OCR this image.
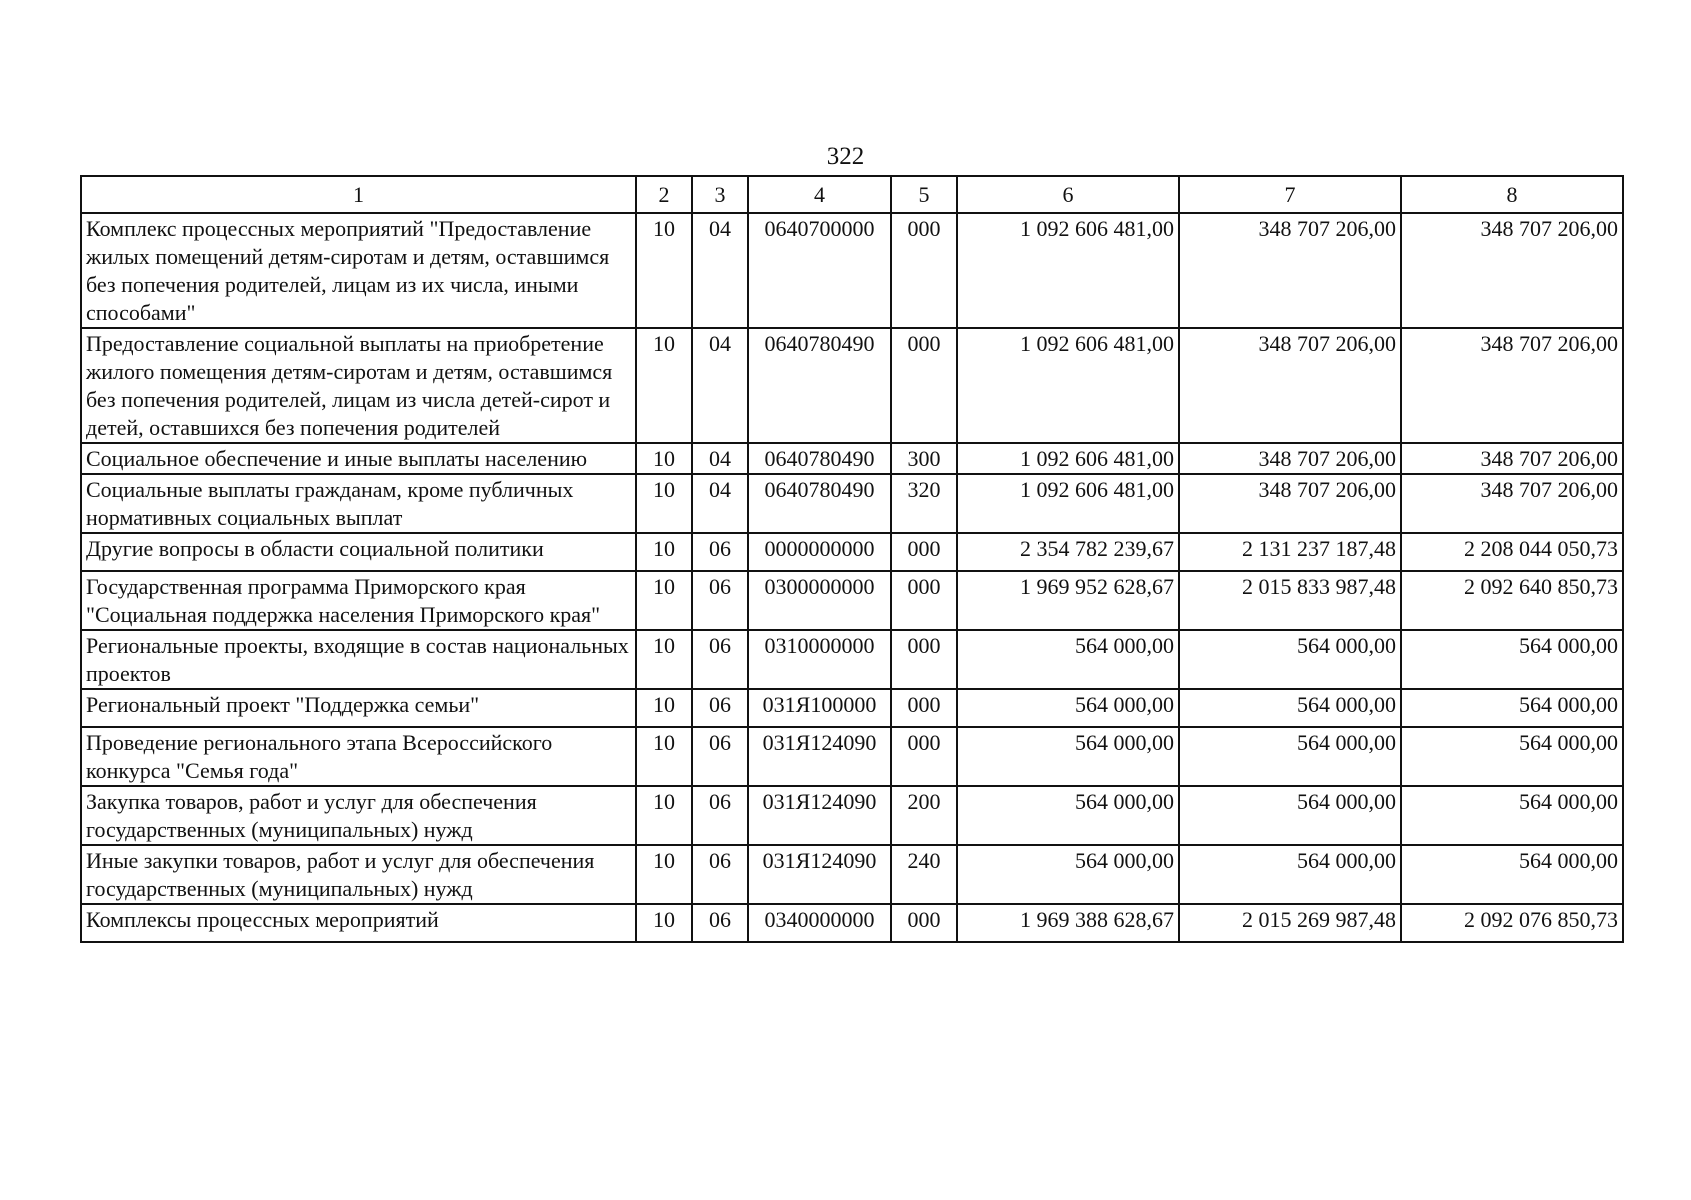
322
1	2	3	4	5	6	7	8
Комплекс процессных мероприятий "Предоставление жилых помещений детям-сиротам и детям, оставшимся без попечения родителей, лицам из их числа, иными способами"	10	04	0640700000	000	1 092 606 481,00	348 707 206,00	348 707 206,00
Предоставление социальной выплаты на приобретение жилого помещения детям-сиротам и детям, оставшимся без попечения родителей, лицам из числа детей-сирот и детей, оставшихся без попечения родителей	10	04	0640780490	000	1 092 606 481,00	348 707 206,00	348 707 206,00
Социальное обеспечение и иные выплаты населению	10	04	0640780490	300	1 092 606 481,00	348 707 206,00	348 707 206,00
Социальные выплаты гражданам, кроме публичных нормативных социальных выплат	10	04	0640780490	320	1 092 606 481,00	348 707 206,00	348 707 206,00
Другие вопросы в области социальной политики	10	06	0000000000	000	2 354 782 239,67	2 131 237 187,48	2 208 044 050,73
Государственная программа Приморского края "Социальная поддержка населения Приморского края"	10	06	0300000000	000	1 969 952 628,67	2 015 833 987,48	2 092 640 850,73
Региональные проекты, входящие в состав национальных проектов	10	06	0310000000	000	564 000,00	564 000,00	564 000,00
Региональный проект "Поддержка семьи"	10	06	031Я100000	000	564 000,00	564 000,00	564 000,00
Проведение регионального этапа Всероссийского конкурса "Семья года"	10	06	031Я124090	000	564 000,00	564 000,00	564 000,00
Закупка товаров, работ и услуг для обеспечения государственных (муниципальных) нужд	10	06	031Я124090	200	564 000,00	564 000,00	564 000,00
Иные закупки товаров, работ и услуг для обеспечения государственных (муниципальных) нужд	10	06	031Я124090	240	564 000,00	564 000,00	564 000,00
Комплексы процессных мероприятий	10	06	0340000000	000	1 969 388 628,67	2 015 269 987,48	2 092 076 850,73
